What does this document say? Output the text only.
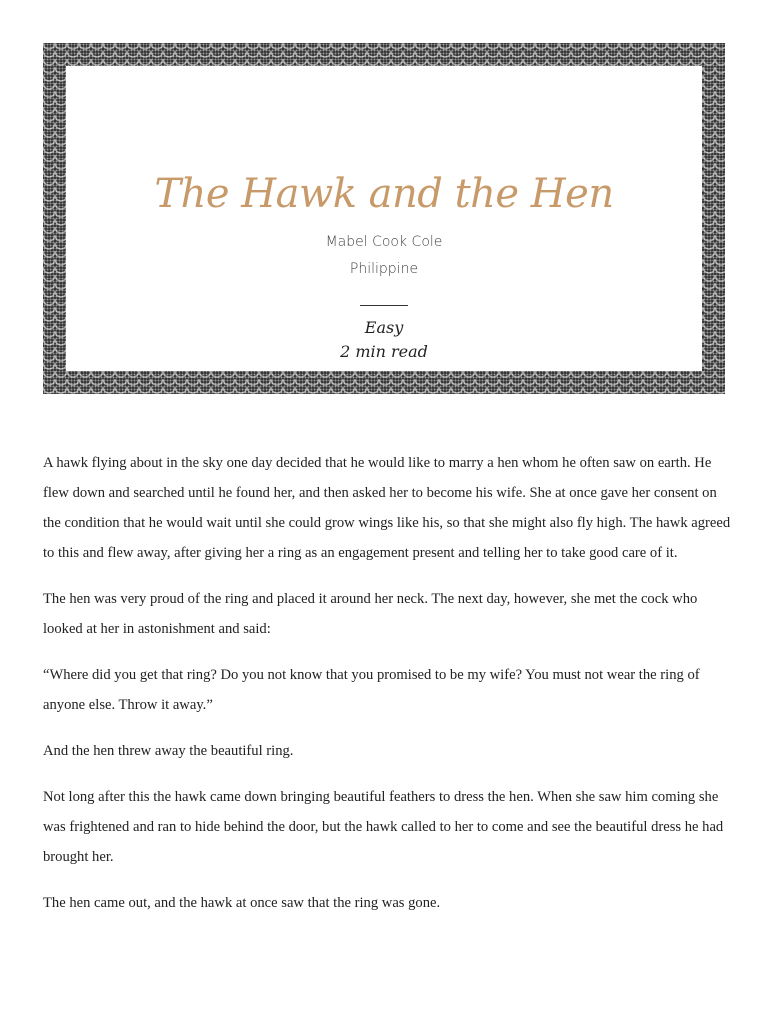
The Hawk and the Hen
Mabel Cook Cole
Philippine
Easy
2 min read

A hawk flying about in the sky one day decided that he would like to marry a hen whom he often saw on earth. He flew down and searched until he found her, and then asked her to become his wife. She at once gave her consent on the condition that he would wait until she could grow wings like his, so that she might also fly high. The hawk agreed to this and flew away, after giving her a ring as an engagement present and telling her to take good care of it.

The hen was very proud of the ring and placed it around her neck. The next day, however, she met the cock who looked at her in astonishment and said:

“Where did you get that ring? Do you not know that you promised to be my wife? You must not wear the ring of anyone else. Throw it away.”

And the hen threw away the beautiful ring.

Not long after this the hawk came down bringing beautiful feathers to dress the hen. When she saw him coming she was frightened and ran to hide behind the door, but the hawk called to her to come and see the beautiful dress he had brought her.

The hen came out, and the hawk at once saw that the ring was gone.
